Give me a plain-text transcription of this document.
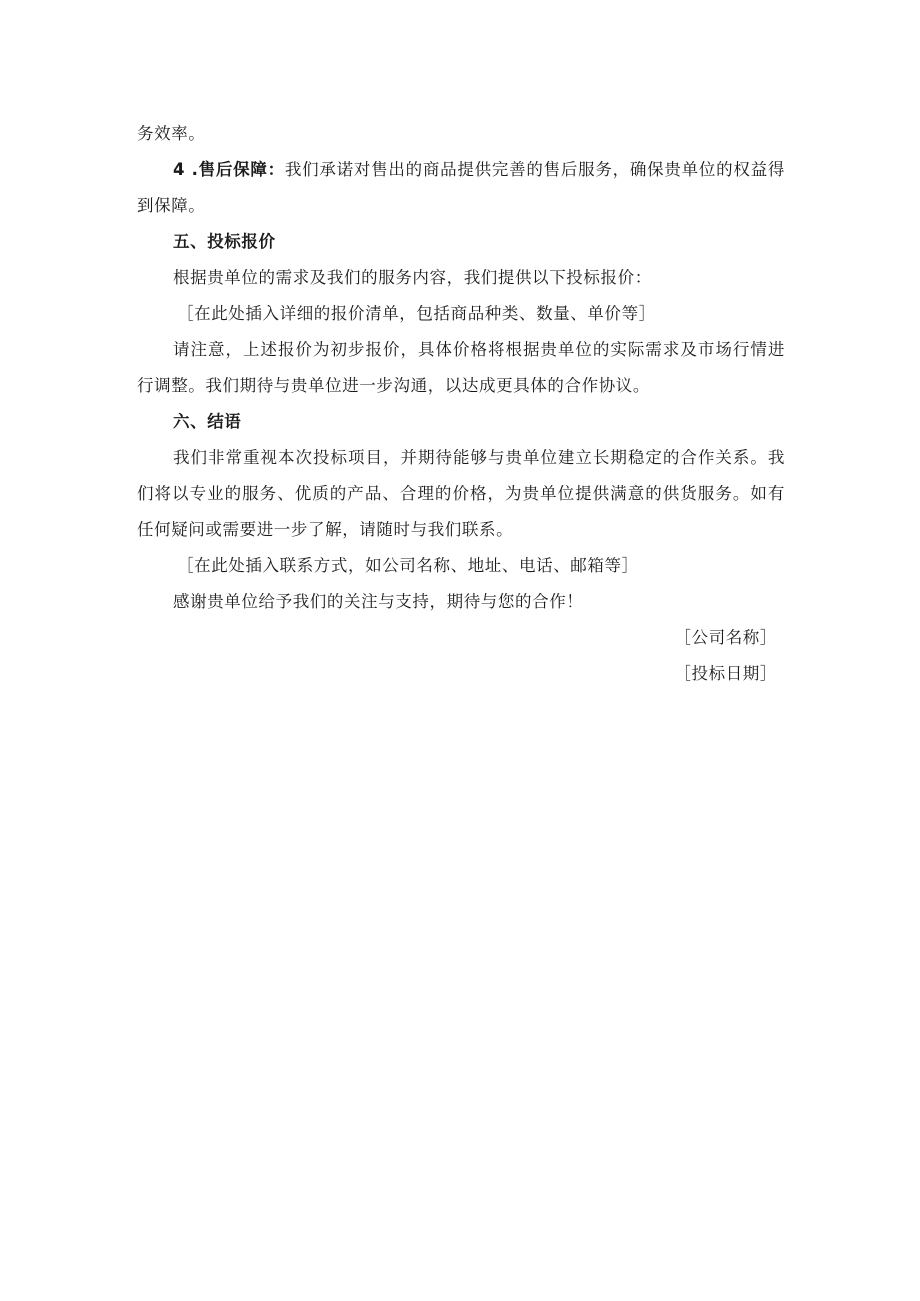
务效率。

4 .售后保障：我们承诺对售出的商品提供完善的售后服务，确保贵单位的权益得到保障。

五、投标报价

根据贵单位的需求及我们的服务内容，我们提供以下投标报价：

［在此处插入详细的报价清单，包括商品种类、数量、单价等］

请注意，上述报价为初步报价，具体价格将根据贵单位的实际需求及市场行情进行调整。我们期待与贵单位进一步沟通，以达成更具体的合作协议。

六、结语

我们非常重视本次投标项目，并期待能够与贵单位建立长期稳定的合作关系。我们将以专业的服务、优质的产品、合理的价格，为贵单位提供满意的供货服务。如有任何疑问或需要进一步了解，请随时与我们联系。

［在此处插入联系方式，如公司名称、地址、电话、邮箱等］

感谢贵单位给予我们的关注与支持，期待与您的合作！

［公司名称］

［投标日期］
